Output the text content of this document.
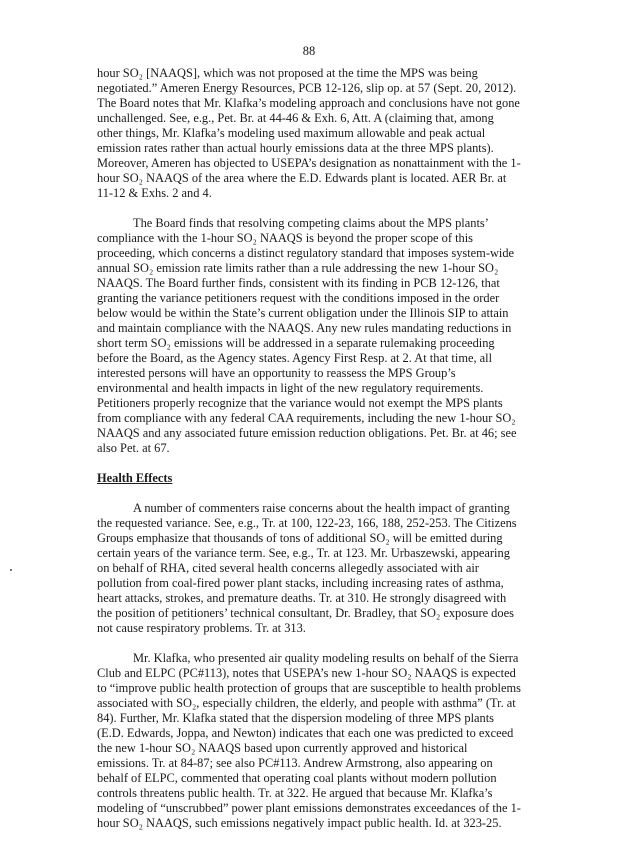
88

hour SO₂ [NAAQS], which was not proposed at the time the MPS was being negotiated.” Ameren Energy Resources, PCB 12-126, slip op. at 57 (Sept. 20, 2012). The Board notes that Mr. Klafka’s modeling approach and conclusions have not gone unchallenged. See, e.g., Pet. Br. at 44-46 & Exh. 6, Att. A (claiming that, among other things, Mr. Klafka’s modeling used maximum allowable and peak actual emission rates rather than actual hourly emissions data at the three MPS plants). Moreover, Ameren has objected to USEPA’s designation as nonattainment with the 1-hour SO₂ NAAQS of the area where the E.D. Edwards plant is located. AER Br. at 11-12 & Exhs. 2 and 4.

The Board finds that resolving competing claims about the MPS plants’ compliance with the 1-hour SO₂ NAAQS is beyond the proper scope of this proceeding, which concerns a distinct regulatory standard that imposes system-wide annual SO₂ emission rate limits rather than a rule addressing the new 1-hour SO₂ NAAQS. The Board further finds, consistent with its finding in PCB 12-126, that granting the variance petitioners request with the conditions imposed in the order below would be within the State’s current obligation under the Illinois SIP to attain and maintain compliance with the NAAQS. Any new rules mandating reductions in short term SO₂ emissions will be addressed in a separate rulemaking proceeding before the Board, as the Agency states. Agency First Resp. at 2. At that time, all interested persons will have an opportunity to reassess the MPS Group’s environmental and health impacts in light of the new regulatory requirements. Petitioners properly recognize that the variance would not exempt the MPS plants from compliance with any federal CAA requirements, including the new 1-hour SO₂ NAAQS and any associated future emission reduction obligations. Pet. Br. at 46; see also Pet. at 67.

Health Effects

A number of commenters raise concerns about the health impact of granting the requested variance. See, e.g., Tr. at 100, 122-23, 166, 188, 252-253. The Citizens Groups emphasize that thousands of tons of additional SO₂ will be emitted during certain years of the variance term. See, e.g., Tr. at 123. Mr. Urbaszewski, appearing on behalf of RHA, cited several health concerns allegedly associated with air pollution from coal-fired power plant stacks, including increasing rates of asthma, heart attacks, strokes, and premature deaths. Tr. at 310. He strongly disagreed with the position of petitioners’ technical consultant, Dr. Bradley, that SO₂ exposure does not cause respiratory problems. Tr. at 313.

Mr. Klafka, who presented air quality modeling results on behalf of the Sierra Club and ELPC (PC#113), notes that USEPA’s new 1-hour SO₂ NAAQS is expected to “improve public health protection of groups that are susceptible to health problems associated with SO₂, especially children, the elderly, and people with asthma” (Tr. at 84). Further, Mr. Klafka stated that the dispersion modeling of three MPS plants (E.D. Edwards, Joppa, and Newton) indicates that each one was predicted to exceed the new 1-hour SO₂ NAAQS based upon currently approved and historical emissions. Tr. at 84-87; see also PC#113. Andrew Armstrong, also appearing on behalf of ELPC, commented that operating coal plants without modern pollution controls threatens public health. Tr. at 322. He argued that because Mr. Klafka’s modeling of “unscrubbed” power plant emissions demonstrates exceedances of the 1-hour SO₂ NAAQS, such emissions negatively impact public health. Id. at 323-25.
